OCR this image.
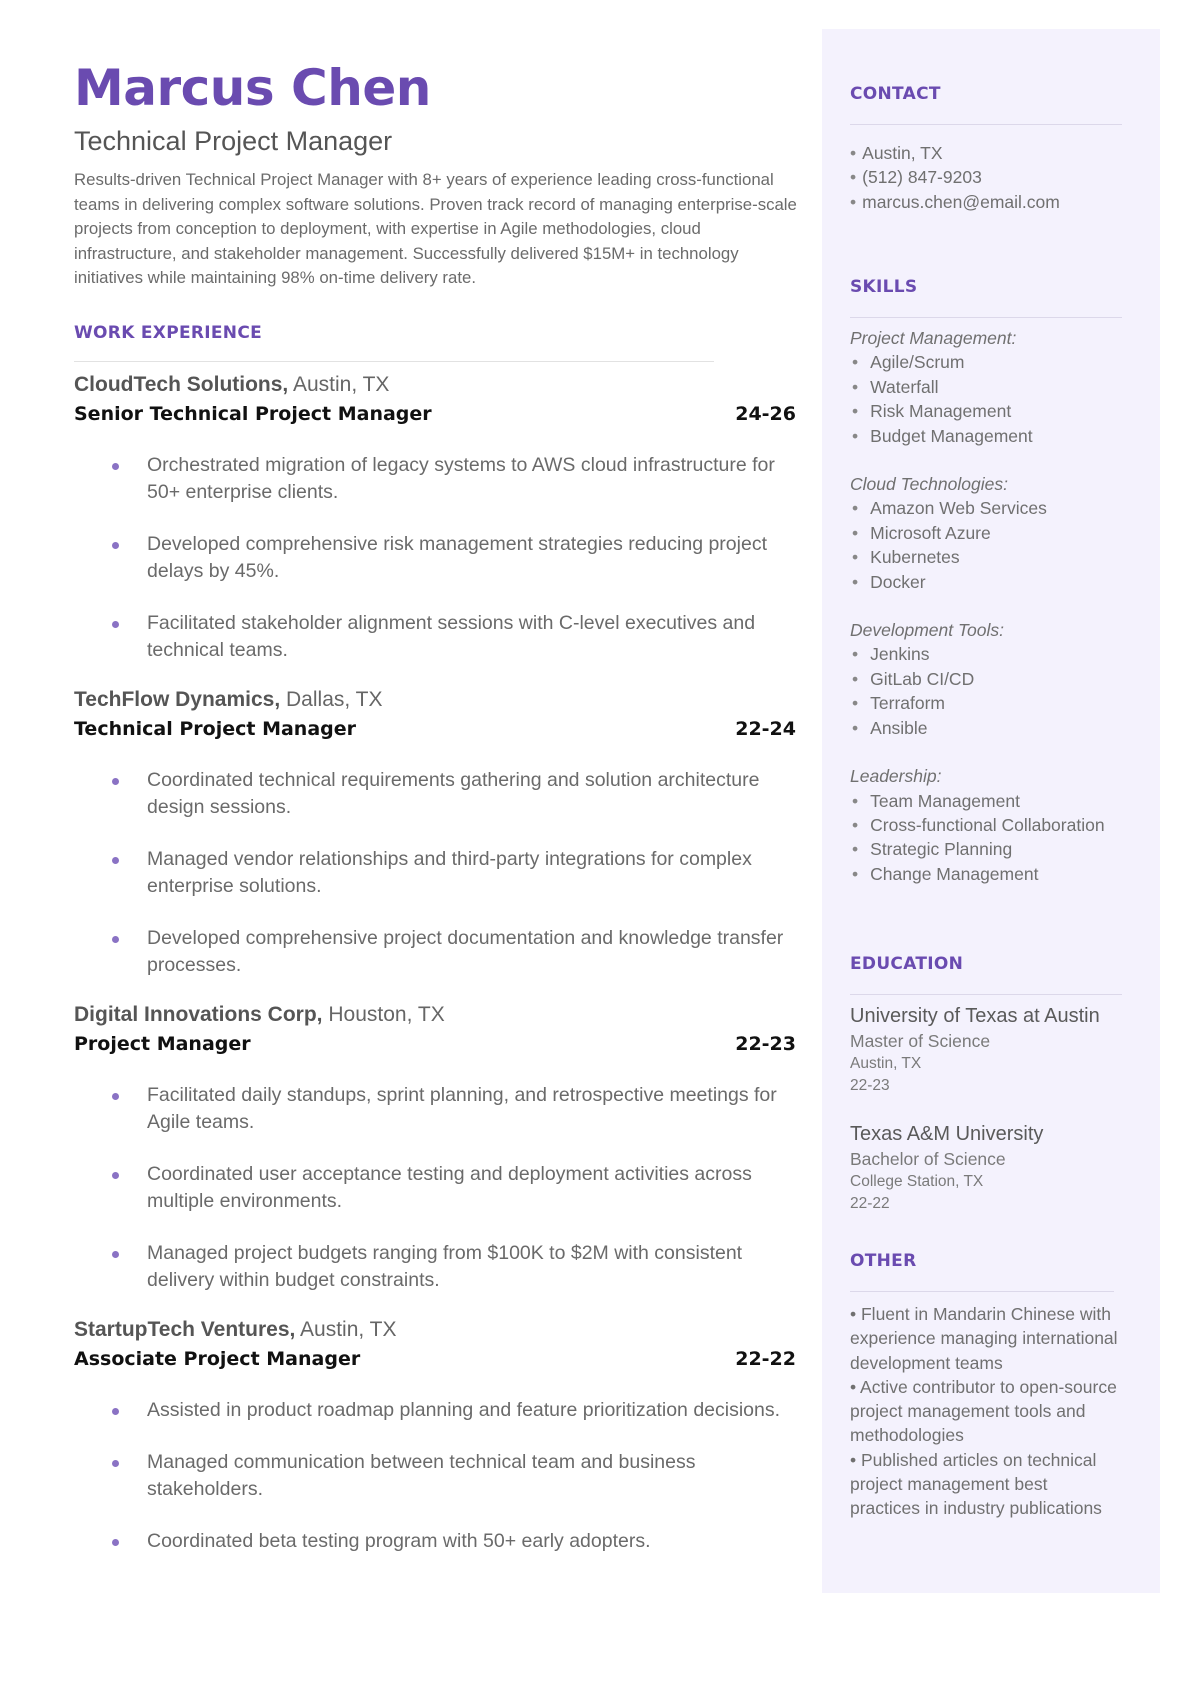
Marcus Chen
Technical Project Manager
Results-driven Technical Project Manager with 8+ years of experience leading cross-functional teams in delivering complex software solutions. Proven track record of managing enterprise-scale projects from conception to deployment, with expertise in Agile methodologies, cloud infrastructure, and stakeholder management. Successfully delivered $15M+ in technology initiatives while maintaining 98% on-time delivery rate.
WORK EXPERIENCE
CloudTech Solutions, Austin, TX
Senior Technical Project Manager	24-26
Orchestrated migration of legacy systems to AWS cloud infrastructure for 50+ enterprise clients.
Developed comprehensive risk management strategies reducing project delays by 45%.
Facilitated stakeholder alignment sessions with C-level executives and technical teams.
TechFlow Dynamics, Dallas, TX
Technical Project Manager	22-24
Coordinated technical requirements gathering and solution architecture design sessions.
Managed vendor relationships and third-party integrations for complex enterprise solutions.
Developed comprehensive project documentation and knowledge transfer processes.
Digital Innovations Corp, Houston, TX
Project Manager	22-23
Facilitated daily standups, sprint planning, and retrospective meetings for Agile teams.
Coordinated user acceptance testing and deployment activities across multiple environments.
Managed project budgets ranging from $100K to $2M with consistent delivery within budget constraints.
StartupTech Ventures, Austin, TX
Associate Project Manager	22-22
Assisted in product roadmap planning and feature prioritization decisions.
Managed communication between technical team and business stakeholders.
Coordinated beta testing program with 50+ early adopters.
CONTACT
• Austin, TX
• (512) 847-9203
• marcus.chen@email.com
SKILLS
Project Management:
• Agile/Scrum
• Waterfall
• Risk Management
• Budget Management
Cloud Technologies:
• Amazon Web Services
• Microsoft Azure
• Kubernetes
• Docker
Development Tools:
• Jenkins
• GitLab CI/CD
• Terraform
• Ansible
Leadership:
• Team Management
• Cross-functional Collaboration
• Strategic Planning
• Change Management
EDUCATION
University of Texas at Austin
Master of Science
Austin, TX
22-23
Texas A&M University
Bachelor of Science
College Station, TX
22-22
OTHER
• Fluent in Mandarin Chinese with experience managing international development teams
• Active contributor to open-source project management tools and methodologies
• Published articles on technical project management best practices in industry publications
